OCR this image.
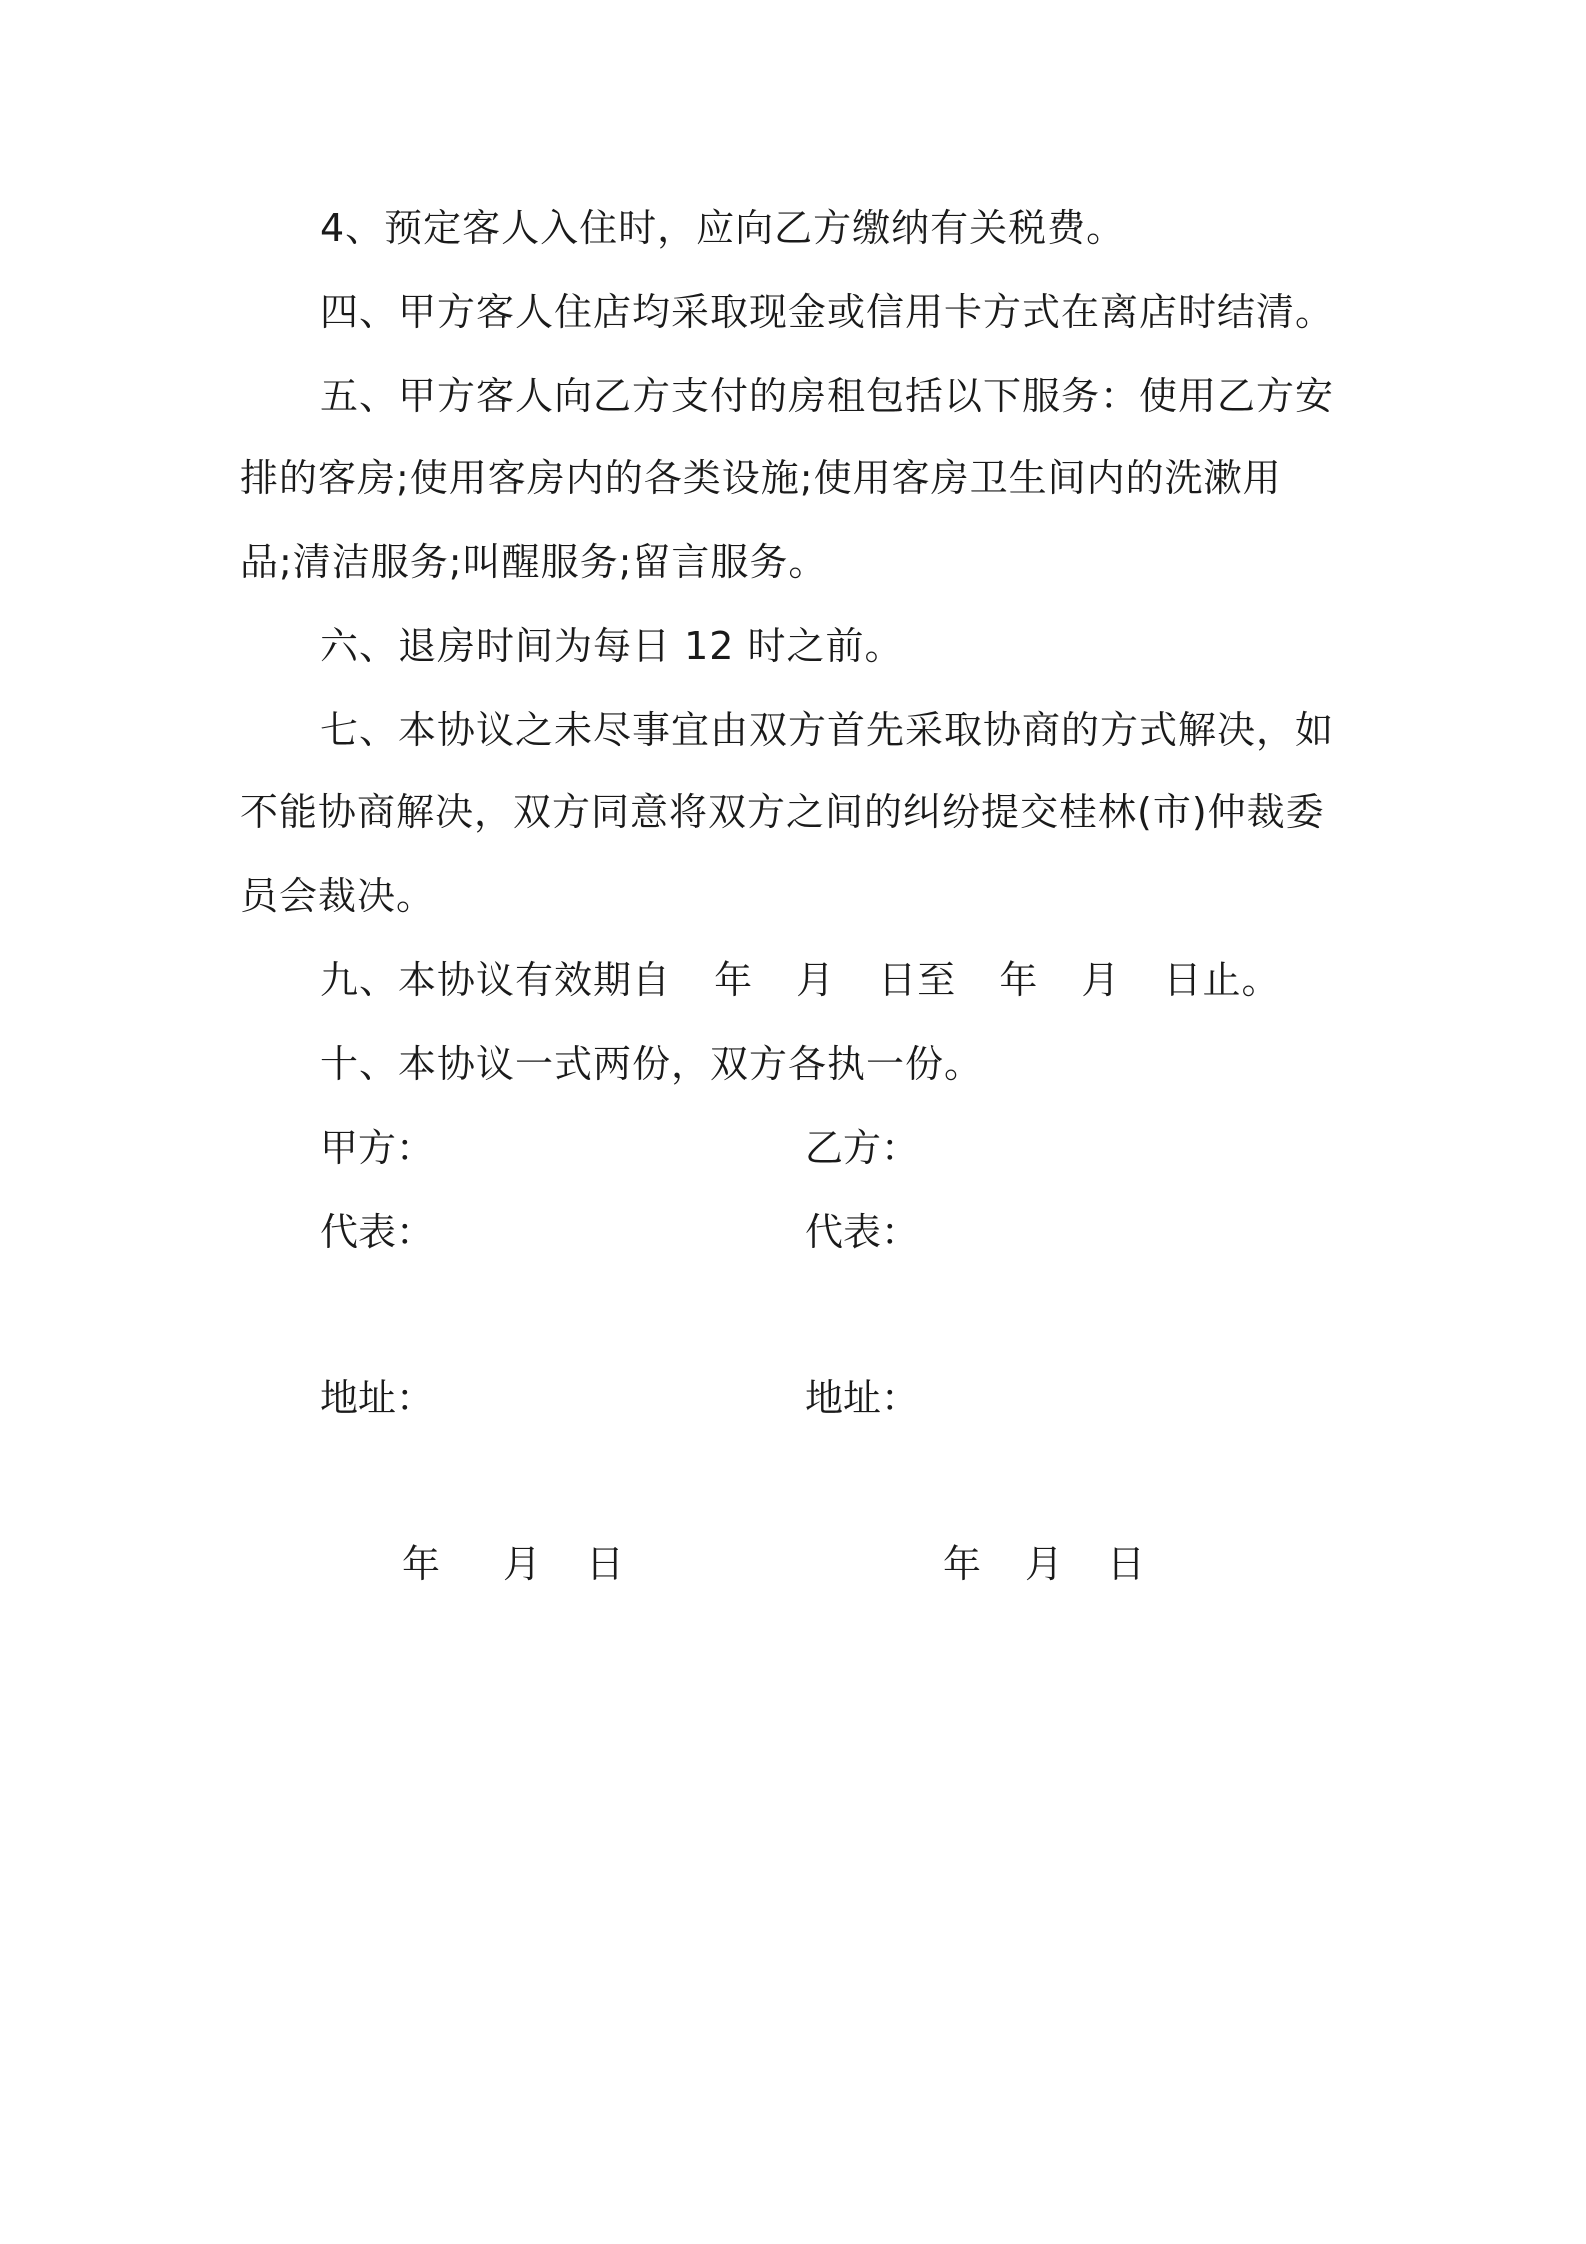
4、预定客人入住时，应向乙方缴纳有关税费。
四、甲方客人住店均采取现金或信用卡方式在离店时结清。
五、甲方客人向乙方支付的房租包括以下服务：使用乙方安
排的客房;使用客房内的各类设施;使用客房卫生间内的洗漱用
品;清洁服务;叫醒服务;留言服务。
六、退房时间为每日 12 时之前。
七、本协议之未尽事宜由双方首先采取协商的方式解决，如
不能协商解决，双方同意将双方之间的纠纷提交桂林(市)仲裁委
员会裁决。
九、本协议有效期自 年 月 日至 年 月 日止。
十、本协议一式两份，双方各执一份。
甲方：	乙方：
代表：	代表：
地址：	地址：
年 月 日	年 月 日
